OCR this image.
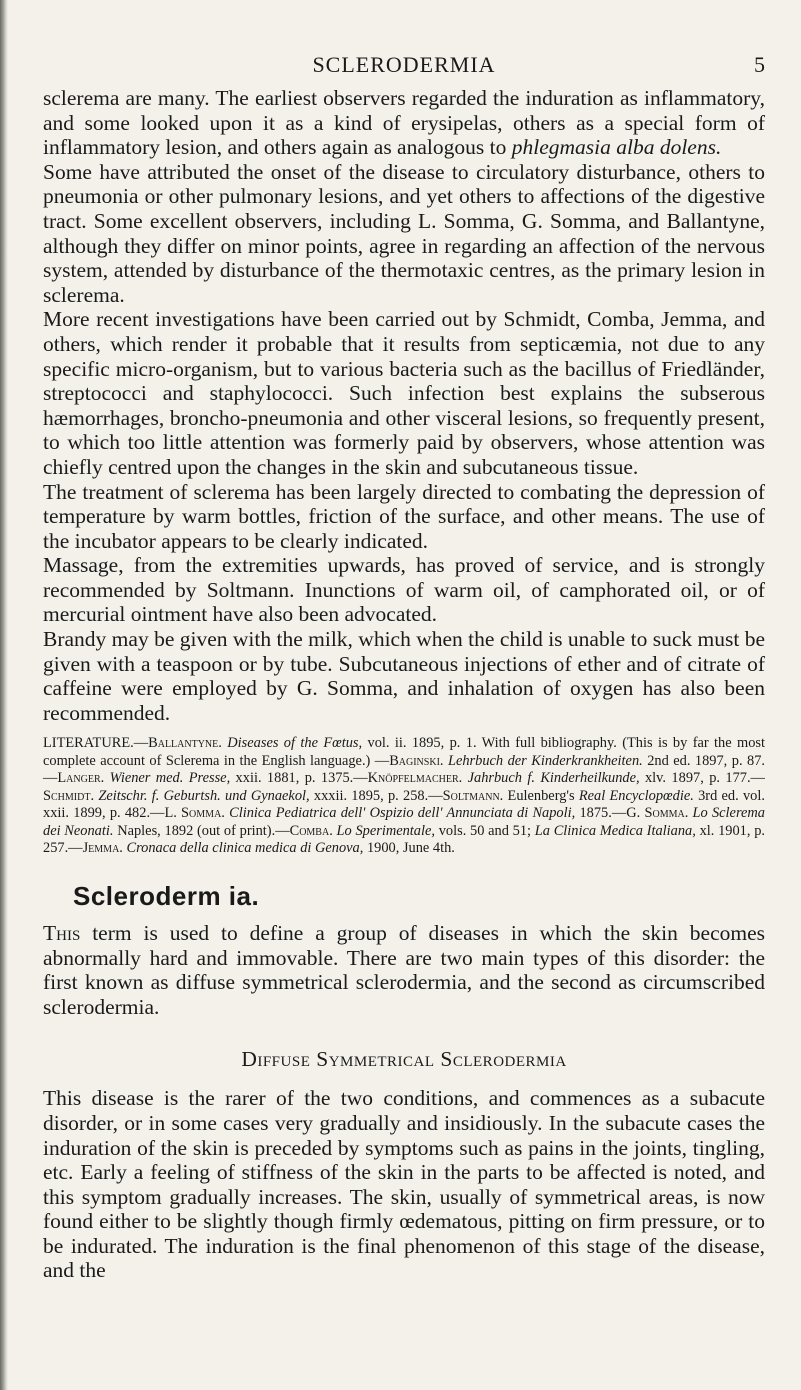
SCLERODERMIA	5

sclerema are many. The earliest observers regarded the induration as inflammatory, and some looked upon it as a kind of erysipelas, others as a special form of inflammatory lesion, and others again as analogous to phlegmasia alba dolens.

Some have attributed the onset of the disease to circulatory disturbance, others to pneumonia or other pulmonary lesions, and yet others to affections of the digestive tract. Some excellent observers, including L. Somma, G. Somma, and Ballantyne, although they differ on minor points, agree in regarding an affection of the nervous system, attended by disturbance of the thermotaxic centres, as the primary lesion in sclerema.

More recent investigations have been carried out by Schmidt, Comba, Jemma, and others, which render it probable that it results from septicæmia, not due to any specific micro-organism, but to various bacteria such as the bacillus of Friedländer, streptococci and staphylococci. Such infection best explains the subserous hæmorrhages, broncho-pneumonia and other visceral lesions, so frequently present, to which too little attention was formerly paid by observers, whose attention was chiefly centred upon the changes in the skin and subcutaneous tissue.

The treatment of sclerema has been largely directed to combating the depression of temperature by warm bottles, friction of the surface, and other means. The use of the incubator appears to be clearly indicated.

Massage, from the extremities upwards, has proved of service, and is strongly recommended by Soltmann. Inunctions of warm oil, of camphorated oil, or of mercurial ointment have also been advocated.

Brandy may be given with the milk, which when the child is unable to suck must be given with a teaspoon or by tube. Subcutaneous injections of ether and of citrate of caffeine were employed by G. Somma, and inhalation of oxygen has also been recommended.

LITERATURE.—Ballantyne. Diseases of the Fœtus, vol. ii. 1895, p. 1. With full bibliography. (This is by far the most complete account of Sclerema in the English language.) —Baginski. Lehrbuch der Kinderkrankheiten. 2nd ed. 1897, p. 87.—Langer. Wiener med. Presse, xxii. 1881, p. 1375.—Knöpfelmacher. Jahrbuch f. Kinderheilkunde, xlv. 1897, p. 177.—Schmidt. Zeitschr. f. Geburtsh. und Gynaekol, xxxii. 1895, p. 258.—Soltmann. Eulenberg's Real Encyclopœdie. 3rd ed. vol. xxii. 1899, p. 482.—L. Somma. Clinica Pediatrica dell' Ospizio dell' Annunciata di Napoli, 1875.—G. Somma. Lo Sclerema dei Neonati. Naples, 1892 (out of print).—Comba. Lo Sperimentale, vols. 50 and 51; La Clinica Medica Italiana, xl. 1901, p. 257.—Jemma. Cronaca della clinica medica di Genova, 1900, June 4th.

Scleroderm ia.

This term is used to define a group of diseases in which the skin becomes abnormally hard and immovable. There are two main types of this disorder: the first known as diffuse symmetrical sclerodermia, and the second as circumscribed sclerodermia.

Diffuse Symmetrical Sclerodermia

This disease is the rarer of the two conditions, and commences as a subacute disorder, or in some cases very gradually and insidiously. In the subacute cases the induration of the skin is preceded by symptoms such as pains in the joints, tingling, etc. Early a feeling of stiffness of the skin in the parts to be affected is noted, and this symptom gradually increases. The skin, usually of symmetrical areas, is now found either to be slightly though firmly œdematous, pitting on firm pressure, or to be indurated. The induration is the final phenomenon of this stage of the disease, and the
